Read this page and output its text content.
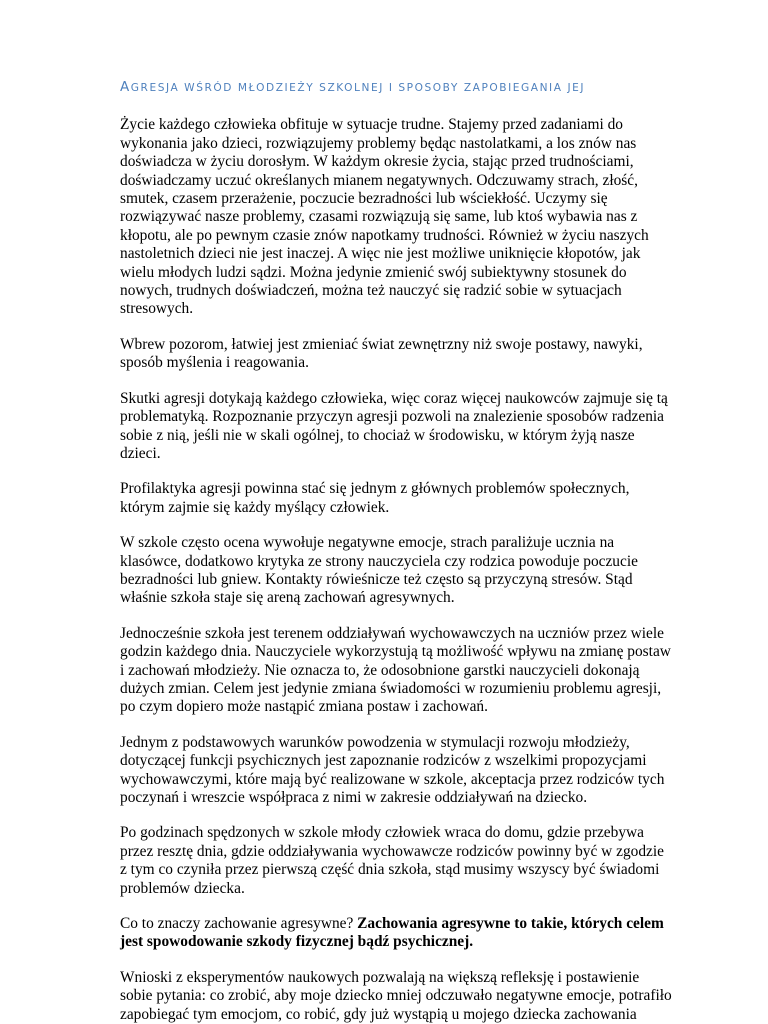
AGRESJA WŚRÓD MŁODZIEŻY SZKOLNEJ I SPOSOBY ZAPOBIEGANIA JEJ

Życie każdego człowieka obfituje w sytuacje trudne. Stajemy przed zadaniami do wykonania jako dzieci, rozwiązujemy problemy będąc nastolatkami, a los znów nas doświadcza w życiu dorosłym. W każdym okresie życia, stając przed trudnościami, doświadczamy uczuć określanych mianem negatywnych. Odczuwamy strach, złość, smutek, czasem przerażenie, poczucie bezradności lub wściekłość. Uczymy się rozwiązywać nasze problemy, czasami rozwiązują się same, lub ktoś wybawia nas z kłopotu, ale po pewnym czasie znów napotkamy trudności. Również w życiu naszych nastoletnich dzieci nie jest inaczej. A więc nie jest możliwe uniknięcie kłopotów, jak wielu młodych ludzi sądzi. Można jedynie zmienić swój subiektywny stosunek do nowych, trudnych doświadczeń, można też nauczyć się radzić sobie w sytuacjach stresowych.

Wbrew pozorom, łatwiej jest zmieniać świat zewnętrzny niż swoje postawy, nawyki, sposób myślenia i reagowania.

Skutki agresji dotykają każdego człowieka, więc coraz więcej naukowców zajmuje się tą problematyką. Rozpoznanie przyczyn agresji pozwoli na znalezienie sposobów radzenia sobie z nią, jeśli nie w skali ogólnej, to chociaż w środowisku, w którym żyją nasze dzieci.

Profilaktyka agresji powinna stać się jednym z głównych problemów społecznych, którym zajmie się każdy myślący człowiek.

W szkole często ocena wywołuje negatywne emocje, strach paraliżuje ucznia na klasówce, dodatkowo krytyka ze strony nauczyciela czy rodzica powoduje poczucie bezradności lub gniew. Kontakty rówieśnicze też często są przyczyną stresów. Stąd właśnie szkoła staje się areną zachowań agresywnych.

Jednocześnie szkoła jest terenem oddziaływań wychowawczych na uczniów przez wiele godzin każdego dnia. Nauczyciele wykorzystują tą możliwość wpływu na zmianę postaw i zachowań młodzieży. Nie oznacza to, że odosobnione garstki nauczycieli dokonają dużych zmian. Celem jest jedynie zmiana świadomości w rozumieniu problemu agresji, po czym dopiero może nastąpić zmiana postaw i zachowań.

Jednym z podstawowych warunków powodzenia w stymulacji rozwoju młodzieży, dotyczącej funkcji psychicznych jest zapoznanie rodziców z wszelkimi propozycjami wychowawczymi, które mają być realizowane w szkole, akceptacja przez rodziców tych poczynań i wreszcie współpraca z nimi w zakresie oddziaływań na dziecko.

Po godzinach spędzonych w szkole młody człowiek wraca do domu, gdzie przebywa przez resztę dnia, gdzie oddziaływania wychowawcze rodziców powinny być w zgodzie z tym co czyniła przez pierwszą część dnia szkoła, stąd musimy wszyscy być świadomi problemów dziecka.

Co to znaczy zachowanie agresywne? Zachowania agresywne to takie, których celem jest spowodowanie szkody fizycznej bądź psychicznej.

Wnioski z eksperymentów naukowych pozwalają na większą refleksję i postawienie sobie pytania: co zrobić, aby moje dziecko mniej odczuwało negatywne emocje, potrafiło zapobiegać tym emocjom, co robić, gdy już wystąpią u mojego dziecka zachowania
